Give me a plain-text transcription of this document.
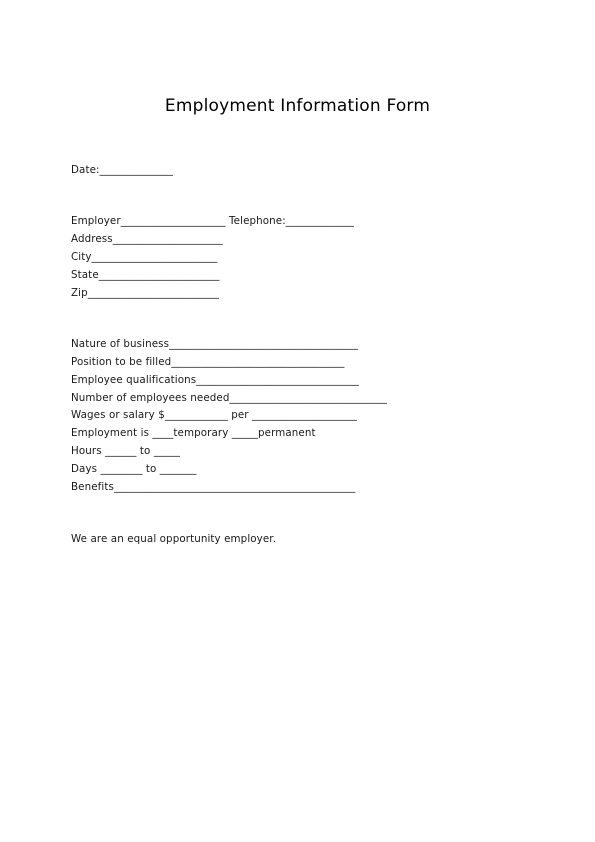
Employment Information Form
Date:______________
Employer____________________ Telephone:_____________
Address_____________________
City________________________
State_______________________
Zip_________________________
Nature of business____________________________________
Position to be filled_________________________________
Employee qualifications_______________________________
Number of employees needed______________________________
Wages or salary $____________ per ____________________
Employment is ____temporary _____permanent
Hours ______ to _____
Days ________ to _______
Benefits______________________________________________
We are an equal opportunity employer.
